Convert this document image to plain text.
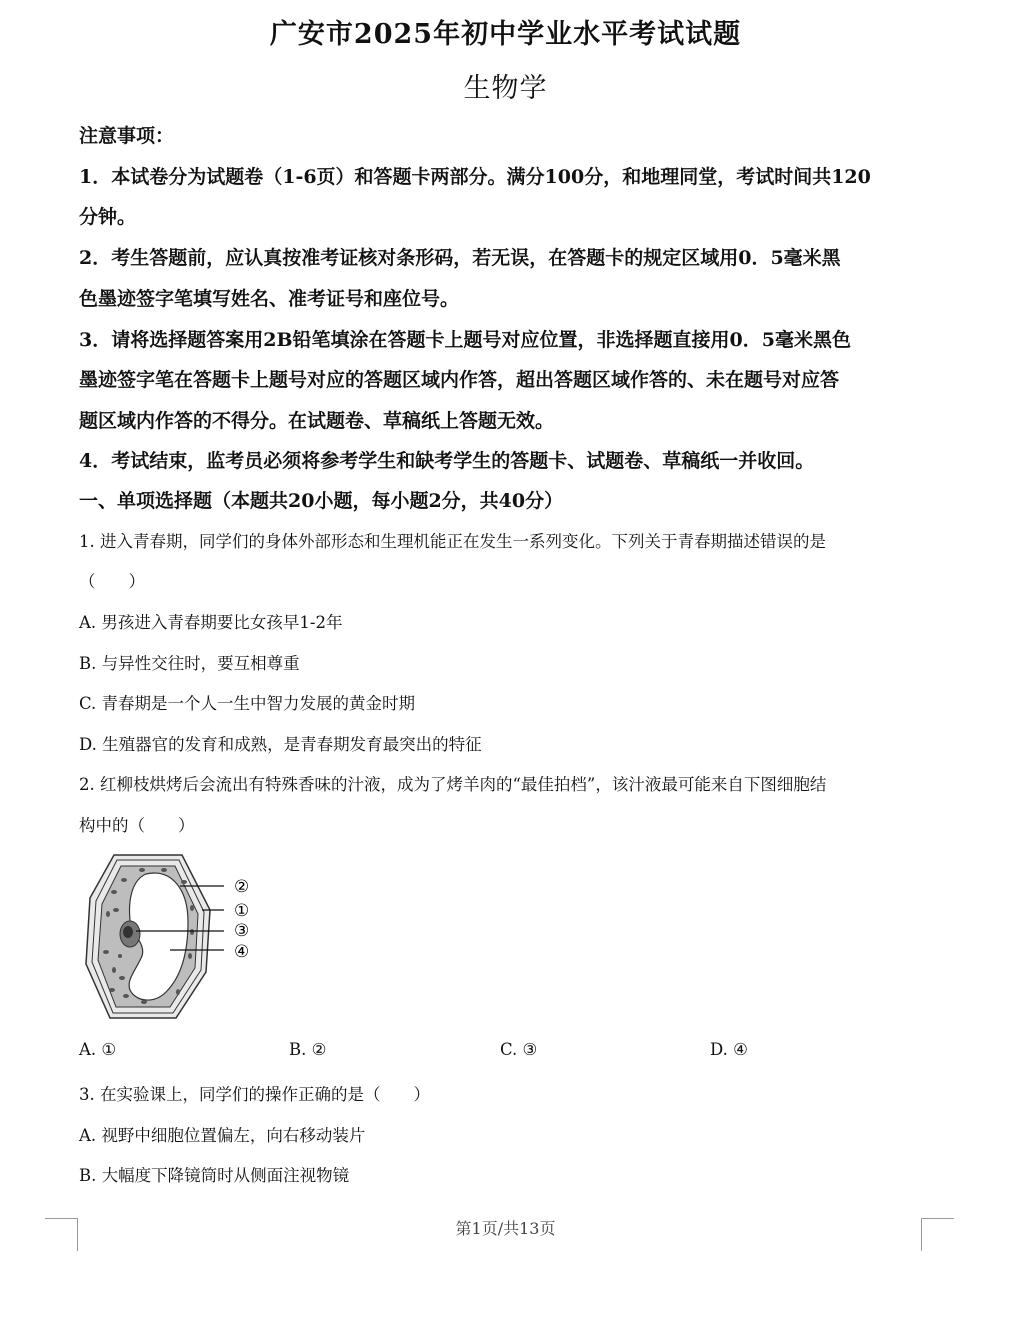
广安市2025年初中学业水平考试试题
生物学
注意事项：
1．本试卷分为试题卷（1-6页）和答题卡两部分。满分100分，和地理同堂，考试时间共120
分钟。
2．考生答题前，应认真按准考证核对条形码，若无误，在答题卡的规定区域用0．5毫米黑
色墨迹签字笔填写姓名、准考证号和座位号。
3．请将选择题答案用2B铅笔填涂在答题卡上题号对应位置，非选择题直接用0．5毫米黑色
墨迹签字笔在答题卡上题号对应的答题区域内作答，超出答题区域作答的、未在题号对应答
题区域内作答的不得分。在试题卷、草稿纸上答题无效。
4．考试结束，监考员必须将参考学生和缺考学生的答题卡、试题卷、草稿纸一并收回。
一、单项选择题（本题共20小题，每小题2分，共40分）
1. 进入青春期，同学们的身体外部形态和生理机能正在发生一系列变化。下列关于青春期描述错误的是
（　　）
A. 男孩进入青春期要比女孩早1-2年
B. 与异性交往时，要互相尊重
C. 青春期是一个人一生中智力发展的黄金时期
D. 生殖器官的发育和成熟，是青春期发育最突出的特征
2. 红柳枝烘烤后会流出有特殊香味的汁液，成为了烤羊肉的“最佳拍档”，该汁液最可能来自下图细胞结
构中的（　　）
②
①
③
④
A. ①	B. ②	C. ③	D. ④
3. 在实验课上，同学们的操作正确的是（　　）
A. 视野中细胞位置偏左，向右移动装片
B. 大幅度下降镜筒时从侧面注视物镜
第1页/共13页
